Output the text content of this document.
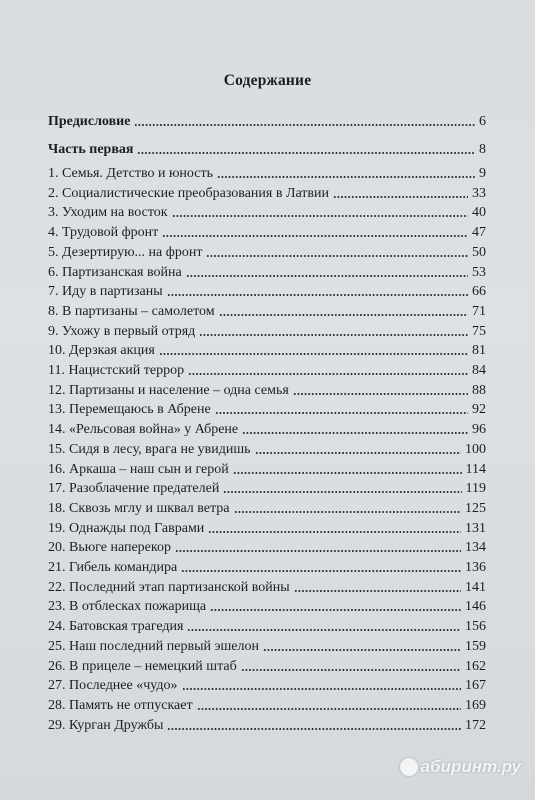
Содержание
Предисловие	6
Часть первая	8
1. Семья. Детство и юность	9
2. Социалистические преобразования в Латвии	33
3. Уходим на восток	40
4. Трудовой фронт	47
5. Дезертирую... на фронт	50
6. Партизанская война	53
7. Иду в партизаны	66
8. В партизаны – самолетом	71
9. Ухожу в первый отряд	75
10. Дерзкая акция	81
11. Нацистский террор	84
12. Партизаны и население – одна семья	88
13. Перемещаюсь в Абрене	92
14. «Рельсовая война» у Абрене	96
15. Сидя в лесу, врага не увидишь	100
16. Аркаша – наш сын и герой	114
17. Разоблачение предателей	119
18. Сквозь мглу и шквал ветра	125
19. Однажды под Гаврами	131
20. Вьюге наперекор	134
21. Гибель командира	136
22. Последний этап партизанской войны	141
23. В отблесках пожарища	146
24. Батовская трагедия	156
25. Наш последний первый эшелон	159
26. В прицеле – немецкий штаб	162
27. Последнее «чудо»	167
28. Память не отпускает	169
29. Курган Дружбы	172
абиринт.ру
